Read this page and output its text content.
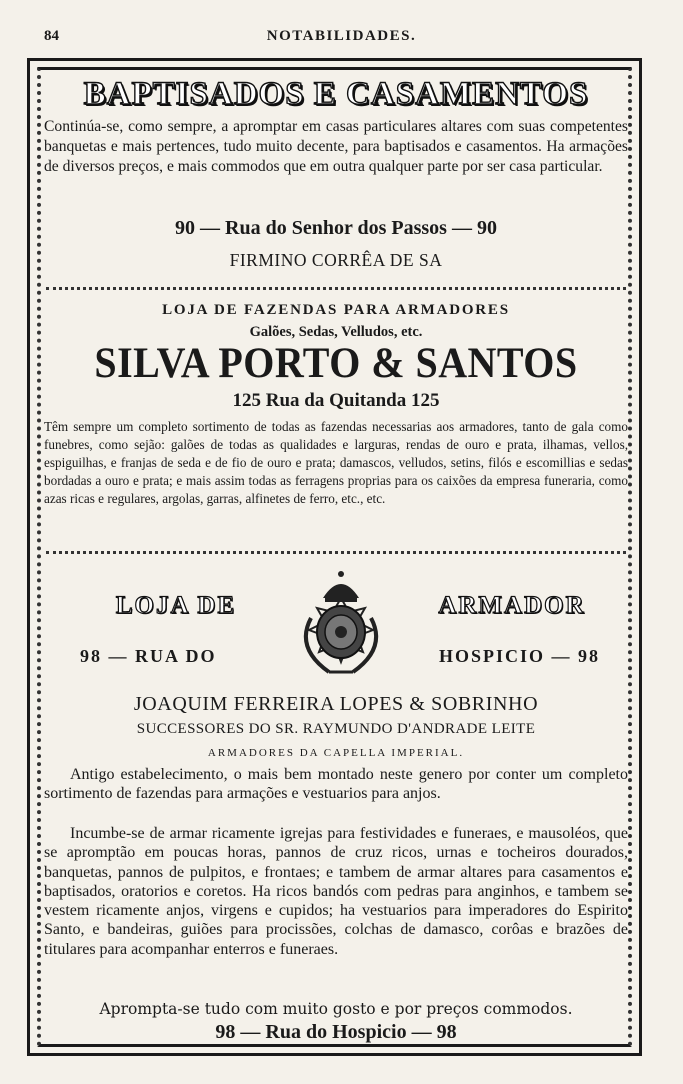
84	NOTABILIDADES.
BAPTISADOS E CASAMENTOS
Continúa-se, como sempre, a apromptar em casas particulares altares com suas competentes banquetas e mais pertences, tudo muito decente, para baptisados e casamentos. Ha armações de diversos preços, e mais commodos que em outra qualquer parte por ser casa particular.
90 — Rua do Senhor dos Passos — 90
FIRMINO CORRÊA DE SA
LOJA DE FAZENDAS PARA ARMADORES
Galões, Sedas, Velludos, etc.
SILVA PORTO & SANTOS
125 Rua da Quitanda 125
Têm sempre um completo sortimento de todas as fazendas necessarias aos armadores, tanto de gala como funebres, como sejão: galões de todas as qualidades e larguras, rendas de ouro e prata, ilhamas, vellos, espiguilhas, e franjas de seda e de fio de ouro e prata; damascos, velludos, setins, filós e escomillias e sedas bordadas a ouro e prata; e mais assim todas as ferragens proprias para os caixões da empresa funeraria, como azas ricas e regulares, argolas, garras, alfinetes de ferro, etc., etc.
LOJA DE	ARMADOR
98 — RUA DO	HOSPICIO — 98
JOAQUIM FERREIRA LOPES & SOBRINHO
SUCCESSORES DO SR. RAYMUNDO D'ANDRADE LEITE
ARMADORES DA CAPELLA IMPERIAL.
Antigo estabelecimento, o mais bem montado neste genero por conter um completo sortimento de fazendas para armações e vestuarios para anjos.
Incumbe-se de armar ricamente igrejas para festividades e funeraes, e mausoléos, que se aprompt​ão em poucas horas, pannos de cruz ricos, urnas e tocheiros dourados, banquetas, pannos de pulpitos, e frontaes; e tambem de armar altares para casamentos e baptisados, oratorios e coretos. Ha ricos bandós com pedras para anginhos, e tambem se vestem ricamente anjos, virgens e cupidos; ha vestuarios para imperadores do Espirito Santo, e bandeiras, guiões para procissões, colchas de damasco, corôas e brazões de titulares para acompanhar enterros e funeraes.
Apromptа-se tudo com muito gosto e por preços commodos.
98 — Rua do Hospicio — 98
